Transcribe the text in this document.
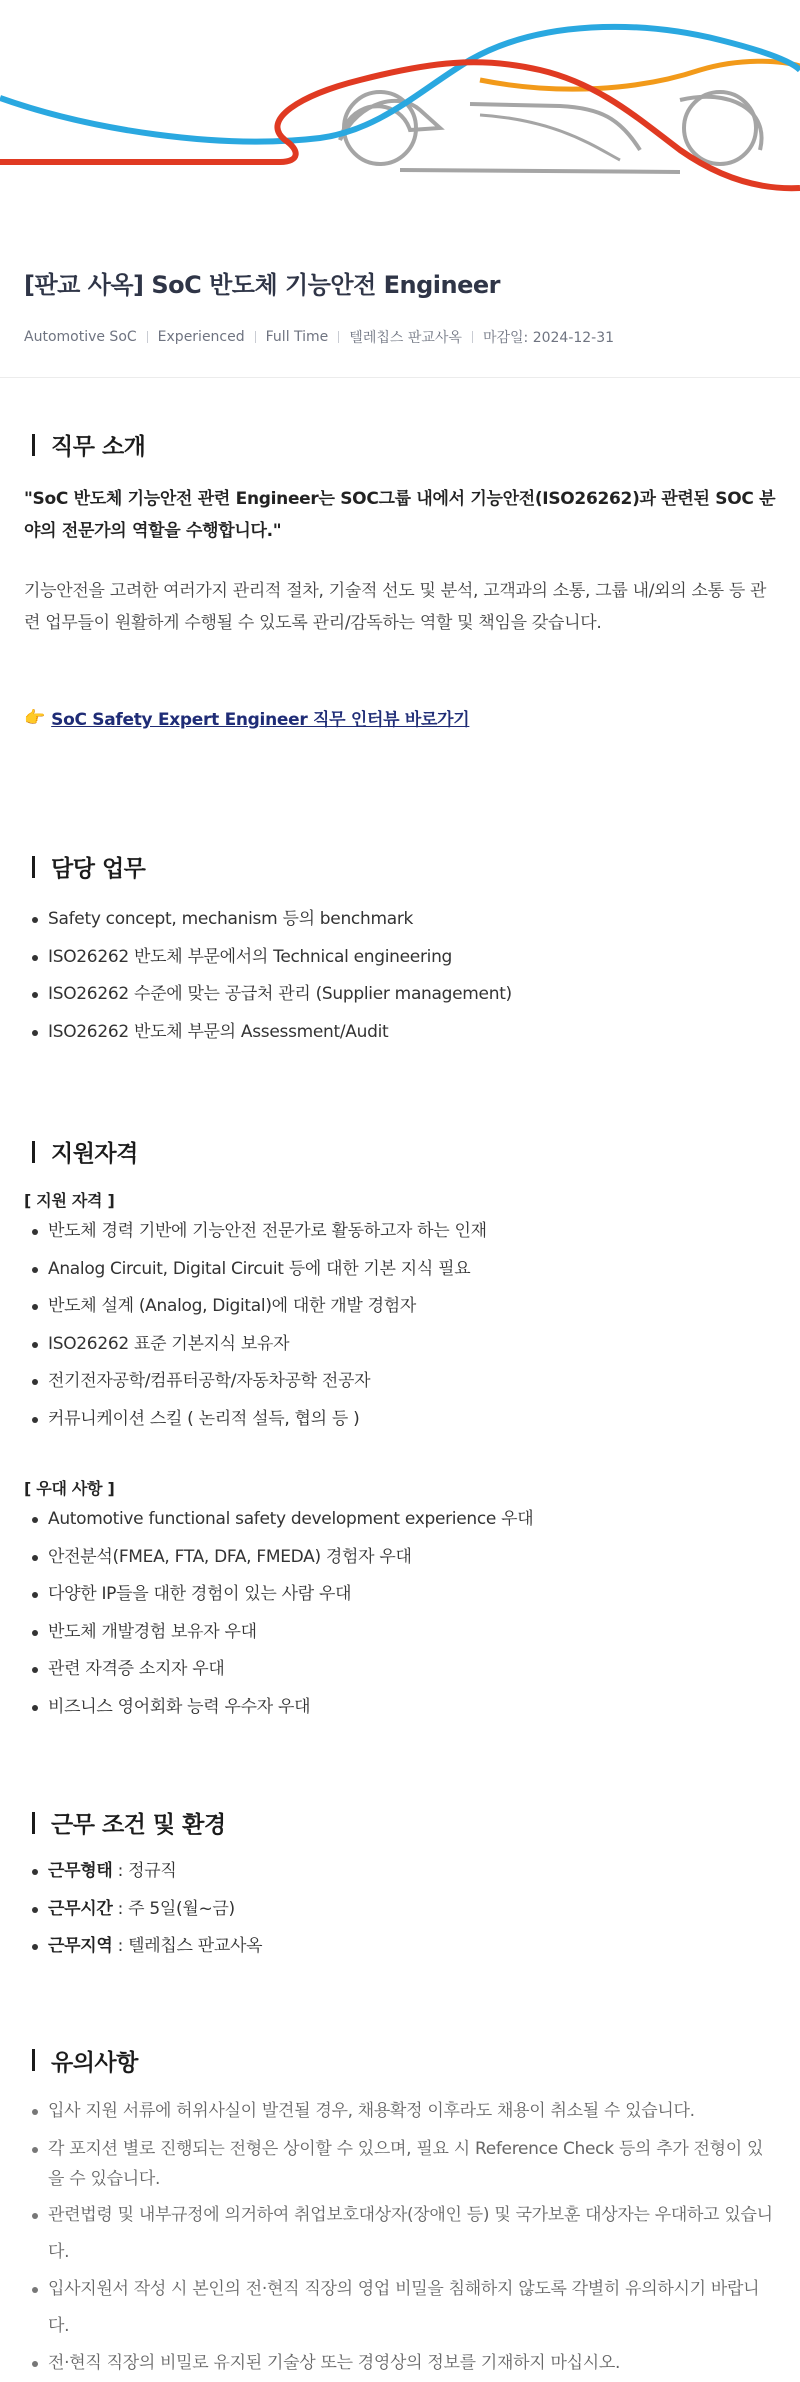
[판교 사옥] SoC 반도체 기능안전 Engineer
Automotive SoC Experienced Full Time 텔레칩스 판교사옥 마감일: 2024-12-31
직무 소개

"SoC 반도체 기능안전 관련 Engineer는 SOC그룹 내에서 기능안전(ISO26262)과 관련된 SOC 분야의 전문가의 역할을 수행합니다."

기능안전을 고려한 여러가지 관리적 절차, 기술적 선도 및 분석, 고객과의 소통, 그룹 내/외의 소통 등 관련 업무들이 원활하게 수행될 수 있도록 관리/감독하는 역할 및 책임을 갖습니다.

👉 SoC Safety Expert Engineer 직무 인터뷰 바로가기
담당 업무
Safety concept, mechanism 등의 benchmark
ISO26262 반도체 부문에서의 Technical engineering
ISO26262 수준에 맞는 공급처 관리 (Supplier management)
ISO26262 반도체 부문의 Assessment/Audit
지원자격
[ 지원 자격 ]
반도체 경력 기반에 기능안전 전문가로 활동하고자 하는 인재
Analog Circuit, Digital Circuit 등에 대한 기본 지식 필요
반도체 설계 (Analog, Digital)에 대한 개발 경험자
ISO26262 표준 기본지식 보유자
전기전자공학/컴퓨터공학/자동차공학 전공자
커뮤니케이션 스킬 ( 논리적 설득, 협의 등 )
[ 우대 사항 ]
Automotive functional safety development experience 우대
안전분석(FMEA, FTA, DFA, FMEDA) 경험자 우대
다양한 IP들을 대한 경험이 있는 사람 우대
반도체 개발경험 보유자 우대
관련 자격증 소지자 우대
비즈니스 영어회화 능력 우수자 우대
근무 조건 및 환경
근무형태 : 정규직
근무시간 : 주 5일(월~금)
근무지역 : 텔레칩스 판교사옥
유의사항
입사 지원 서류에 허위사실이 발견될 경우, 채용확정 이후라도 채용이 취소될 수 있습니다.
각 포지션 별로 진행되는 전형은 상이할 수 있으며, 필요 시 Reference Check 등의 추가 전형이 있을 수 있습니다.
관련법령 및 내부규정에 의거하여 취업보호대상자(장애인 등) 및 국가보훈 대상자는 우대하고 있습니다.
입사지원서 작성 시 본인의 전·현직 직장의 영업 비밀을 침해하지 않도록 각별히 유의하시기 바랍니다.
전·현직 직장의 비밀로 유지된 기술상 또는 경영상의 정보를 기재하지 마십시오.
